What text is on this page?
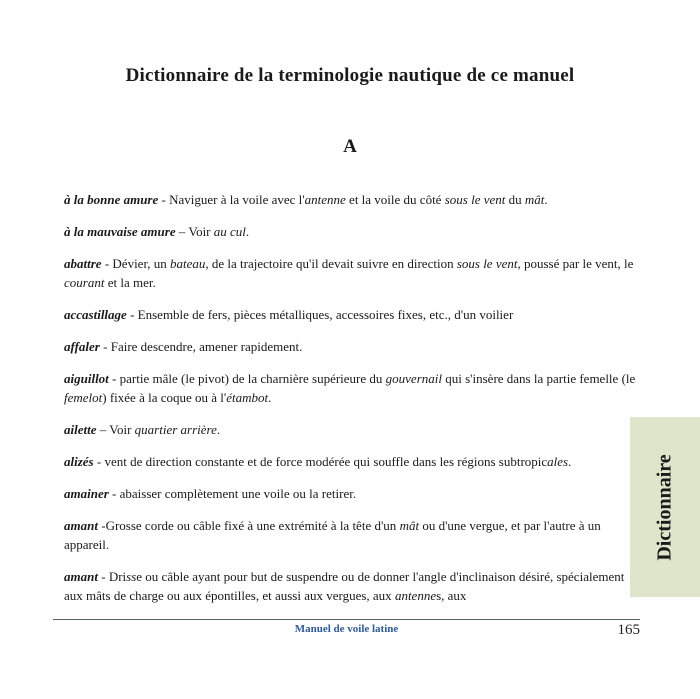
Dictionnaire de la terminologie nautique de ce manuel
A

à la bonne amure - Naviguer à la voile avec l'antenne et la voile du côté sous le vent du mât.

à la mauvaise amure – Voir au cul.

abattre - Dévier, un bateau, de la trajectoire qu'il devait suivre en direction sous le vent, poussé par le vent, le courant et la mer.

accastillage - Ensemble de fers, pièces métalliques, accessoires fixes, etc., d'un voilier

affaler - Faire descendre, amener rapidement.

aiguillot - partie mâle (le pivot) de la charnière supérieure du gouvernail qui s'insère dans la partie femelle (le femelot) fixée à la coque ou à l'étambot.

ailette – Voir quartier arrière.

alizés - vent de direction constante et de force modérée qui souffle dans les régions subtropicales.

amainer - abaisser complètement une voile ou la retirer.

amant -Grosse corde ou câble fixé à une extrémité à la tête d'un mât ou d'une vergue, et par l'autre à un appareil.

amant - Drisse ou câble ayant pour but de suspendre ou de donner l'angle d'inclinaison désiré, spécialement aux mâts de charge ou aux épontilles, et aussi aux vergues, aux antennes, aux

Manuel de voile latine	165
Dictionnaire
